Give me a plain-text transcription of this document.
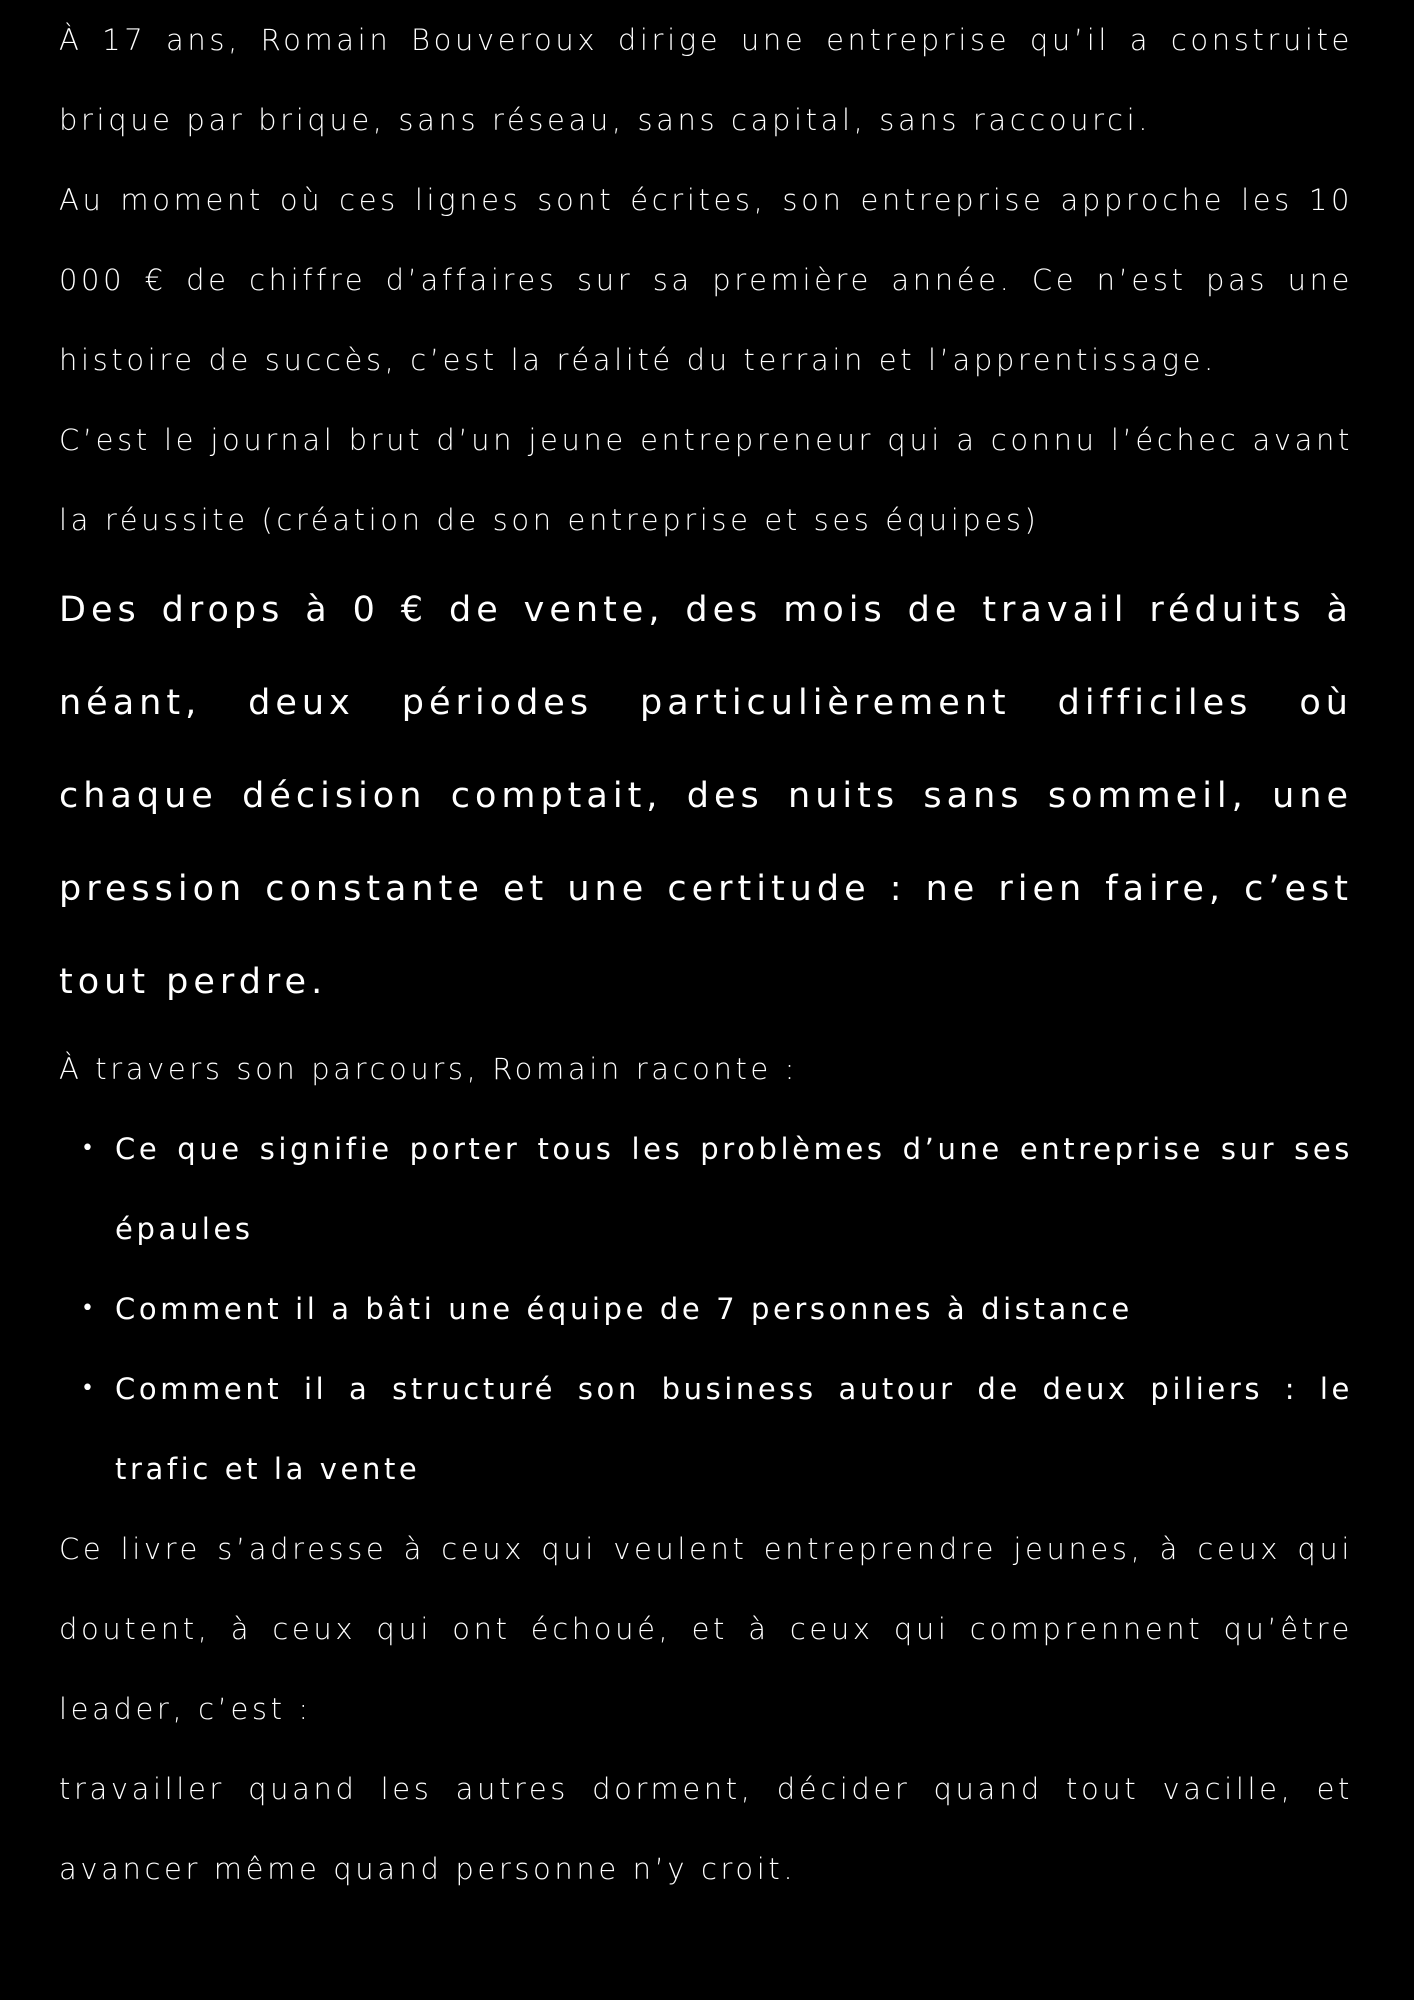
À 17 ans, Romain Bouveroux dirige une entreprise qu’il a construite brique par brique, sans réseau, sans capital, sans raccourci.

Au moment où ces lignes sont écrites, son entreprise approche les 10 000 € de chiffre d’affaires sur sa première année. Ce n’est pas une histoire de succès, c’est la réalité du terrain et l’apprentissage.

C’est le journal brut d’un jeune entrepreneur qui a connu l’échec avant la réussite (création de son entreprise et ses équipes)

Des drops à 0 € de vente, des mois de travail réduits à néant, deux périodes particulièrement difficiles où chaque décision comptait, des nuits sans sommeil, une pression constante et une certitude : ne rien faire, c’est tout perdre.

À travers son parcours, Romain raconte :

• Ce que signifie porter tous les problèmes d’une entreprise sur ses épaules
• Comment il a bâti une équipe de 7 personnes à distance
• Comment il a structuré son business autour de deux piliers : le trafic et la vente

Ce livre s’adresse à ceux qui veulent entreprendre jeunes, à ceux qui doutent, à ceux qui ont échoué, et à ceux qui comprennent qu’être leader, c’est :

travailler quand les autres dorment, décider quand tout vacille, et avancer même quand personne n’y croit.
